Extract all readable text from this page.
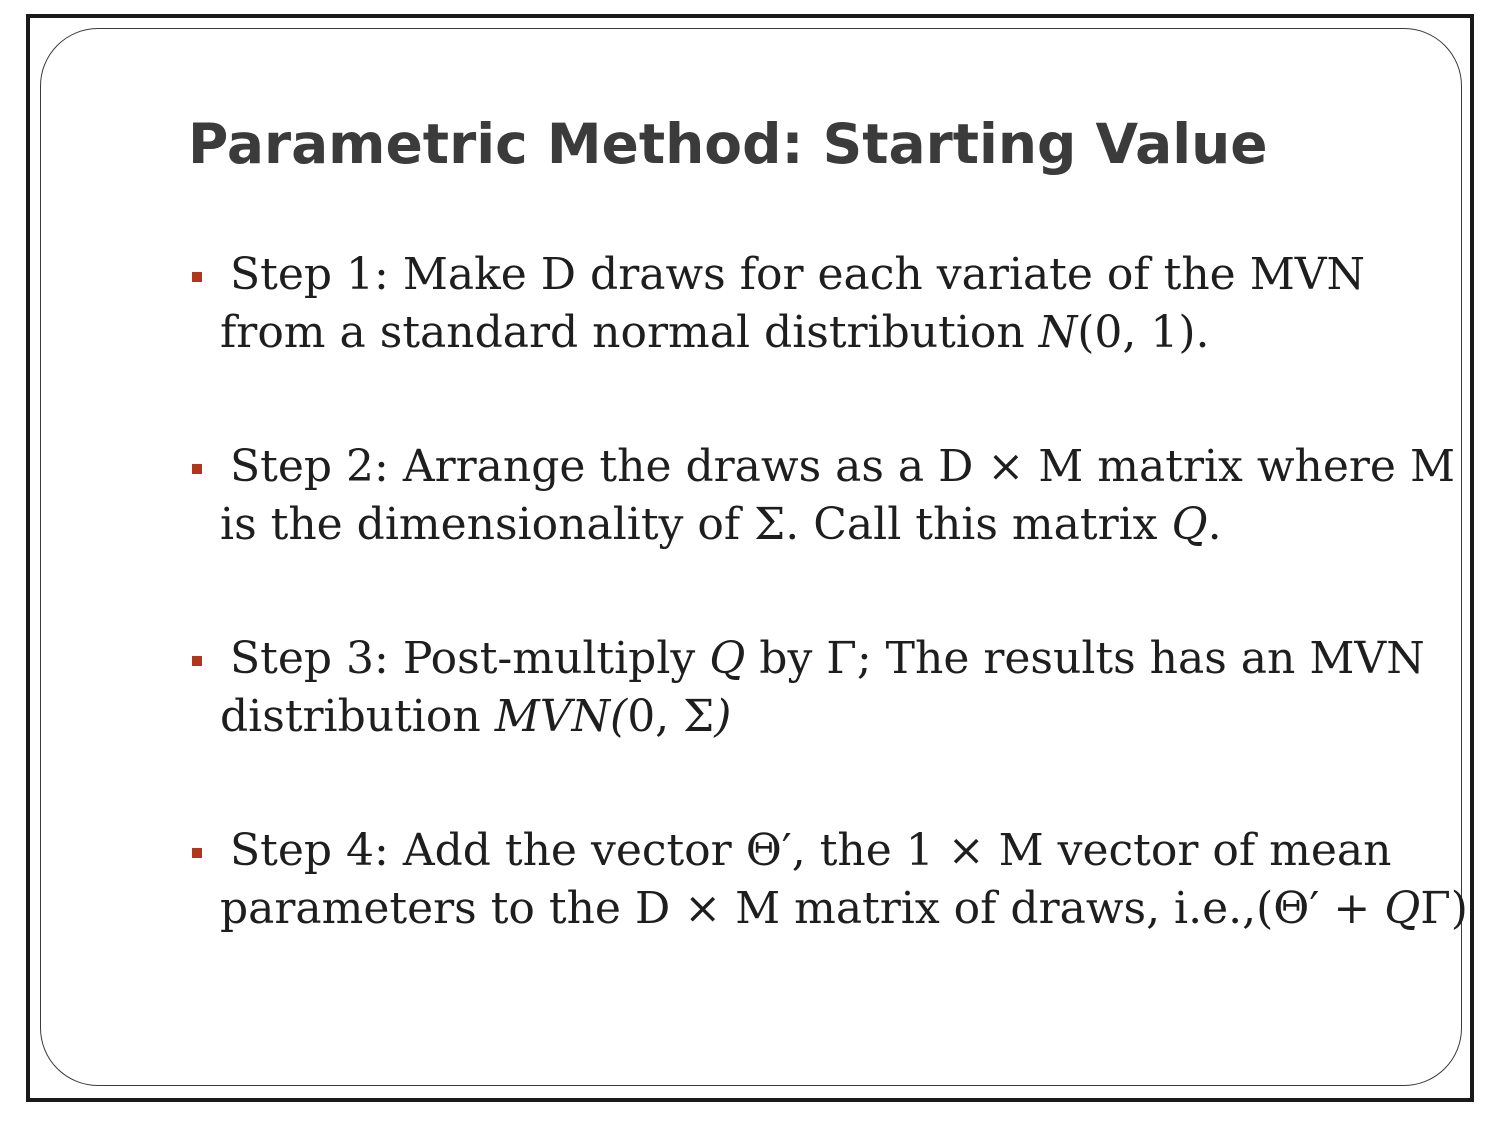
Parametric Method: Starting Value
Step 1: Make D draws for each variate of the MVN
from a standard normal distribution N(0, 1).
Step 2: Arrange the draws as a D × M matrix where M
is the dimensionality of Σ. Call this matrix Q.
Step 3: Post-multiply Q by Γ; The results has an MVN
distribution MVN(0, Σ)
Step 4: Add the vector Θ′, the 1 × M vector of mean
parameters to the D × M matrix of draws, i.e.,(Θ′ + QΓ)
